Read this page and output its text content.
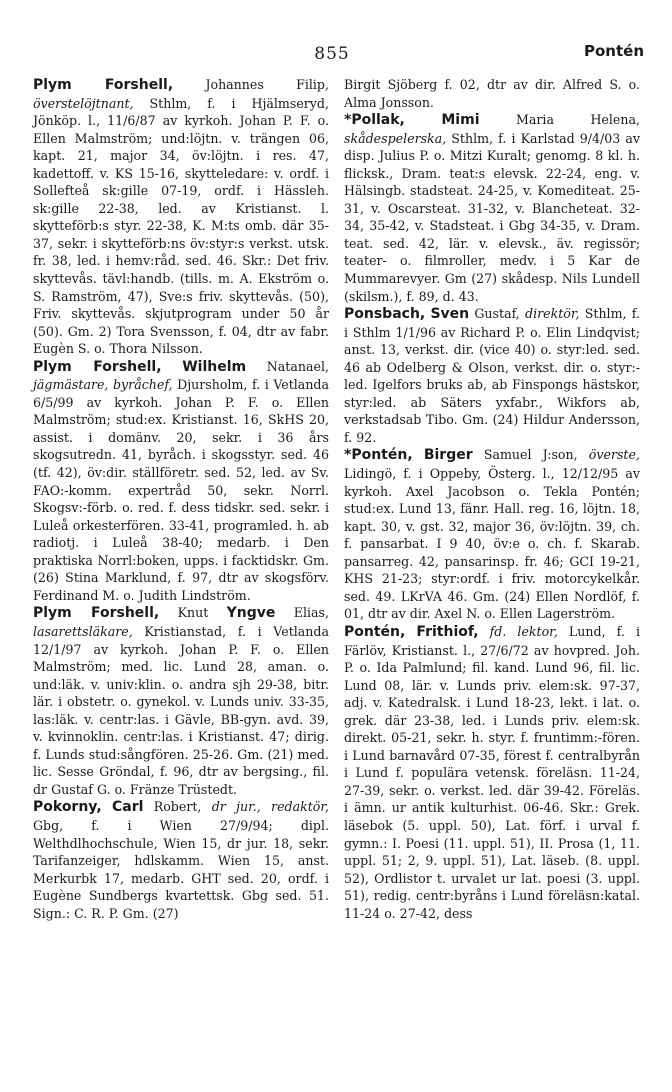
855	Pontén

Plym Forshell,	Johannes Filip, överstelöjtnant, Sthlm, f. i Hjälmseryd, Jönköp. l., 11/6/87 av kyrkoh. Johan P. F. o. Ellen Malmström; und:löjtn. v. trängen 06, kapt. 21, major 34, öv:löjtn. i res. 47, kadettoff. v. KS 15-16, skytteledare: v. ordf. i Sollefteå sk:gille 07-19, ordf. i Hässleh. sk:gille 22-38, led. av Kristianst. l. skytteförb:s styr. 22-38, K. M:ts omb. där 35-37, sekr. i skytteförb:ns öv:styr:s verkst. utsk. fr. 38, led. i hemv:råd. sed. 46. Skr.: Det friv. skyttevås. tävl:handb. (tills. m. A. Ekström o. S. Ramström, 47), Sve:s friv. skyttevås. (50), Friv. skyttevås. skjutprogram under 50 år (50). Gm. 2) Tora Svensson, f. 04, dtr av fabr. Eugèn S. o. Thora Nilsson.

Plym Forshell, Wilhelm Natanael, jägmästare, byråchef, Djursholm, f. i Vetlanda 6/5/99 av kyrkoh. Johan P. F. o. Ellen Malmström; stud:ex. Kristianst. 16, SkHS 20, assist. i domänv. 20, sekr. i 36 års skogsutredn. 41, byråch. i skogsstyr. sed. 46 (tf. 42), öv:dir. ställföretr. sed. 52, led. av Sv. FAO:-komm. expertråd 50, sekr. Norrl. Skogsv:-förb. o. red. f. dess tidskr. sed. sekr. i Luleå orkesterfören. 33-41, programled. h. ab radiotj. i Luleå 38-40; medarb. i Den praktiska Norrl:boken, upps. i facktidskr. Gm. (26) Stina Marklund, f. 97, dtr av skogsförv. Ferdinand M. o. Judith Lindström.

Plym Forshell, Knut Yngve Elias, lasarettsläkare, Kristianstad, f. i Vetlanda 12/1/97 av kyrkoh. Johan P. F. o. Ellen Malmström; med. lic. Lund 28, aman. o. und:läk. v. univ:klin. o. andra sjh 29-38, bitr. lär. i obstetr. o. gynekol. v. Lunds univ. 33-35, las:läk. v. centr:las. i Gävle, BB-gyn. avd. 39, v. kvinnoklin. centr:las. i Kristianst. 47; dirig. f. Lunds stud:sångfören. 25-26. Gm. (21) med. lic. Sesse Gröndal, f. 96, dtr av bergsing., fil. dr Gustaf G. o. Fränze Trüstedt.

Pokorny, Carl Robert, dr jur., redaktör, Gbg, f. i Wien 27/9/94; dipl. Welthdlhochschule, Wien 15, dr jur. 18, sekr. Tarifanzeiger, hdlskamm. Wien 15, anst. Merkurbk 17, medarb. GHT sed. 20, ordf. i Eugène Sundbergs kvartettsk. Gbg sed. 51. Sign.: C. R. P. Gm. (27)

Birgit Sjöberg f. 02, dtr av dir. Alfred S. o. Alma Jonsson.

*Pollak,	Mimi	Maria Helena, skådespelerska, Sthlm, f. i Karlstad 9/4/03 av disp. Julius P. o. Mitzi Kuralt; genomg. 8 kl. h. flicksk., Dram. teat:s elevsk. 22-24, eng. v. Hälsingb. stadsteat. 24-25, v. Komediteat. 25-31, v. Oscarsteat. 31-32, v. Blancheteat. 32-34, 35-42, v. Stadsteat. i Gbg 34-35, v. Dram. teat. sed. 42, lär. v. elevsk., äv. regissör; teater- o. filmroller, medv. i 5 Kar de Mummarevyer. Gm (27) skådesp. Nils Lundell (skilsm.), f. 89, d. 43.

Ponsbach, Sven Gustaf, direktör, Sthlm, f. i Sthlm 1/1/96 av Richard P. o. Elin Lindqvist; anst. 13, verkst. dir. (vice 40) o. styr:led. sed. 46 ab Odelberg & Olson, verkst. dir. o. styr:-led. Igelfors bruks ab, ab Finspongs hästskor, styr:led. ab Säters yxfabr., Wikfors ab, verkstadsab Tibo. Gm. (24) Hildur Andersson, f. 92.

*Pontén, Birger Samuel J:son, överste, Lidingö, f. i Oppeby, Österg. l., 12/12/95 av kyrkoh. Axel Jacobson o. Tekla Pontén; stud:ex. Lund 13, fänr. Hall. reg. 16, löjtn. 18, kapt. 30, v. gst. 32, major 36, öv:löjtn. 39, ch. f. pansarbat. I 9 40, öv:e o. ch. f. Skarab. pansarreg. 42, pansarinsp. fr. 46; GCI 19-21, KHS 21-23; styr:ordf. i friv. motorcykelkår. sed. 49. LKrVA 46. Gm. (24) Ellen Nordlöf, f. 01, dtr av dir. Axel N. o. Ellen Lagerström.

Pontén, Frithiof, fd. lektor, Lund, f. i Färlöv, Kristianst. l., 27/6/72 av hovpred. Joh. P. o. Ida Palmlund; fil. kand. Lund 96, fil. lic. Lund 08, lär. v. Lunds priv. elem:sk. 97-37, adj. v. Katedralsk. i Lund 18-23, lekt. i lat. o. grek. där 23-38, led. i Lunds priv. elem:sk. direkt. 05-21, sekr. h. styr. f. fruntimm:-fören. i Lund barnavård 07-35, förest f. centralbyrån i Lund f. populära vetensk. föreläsn. 11-24, 27-39, sekr. o. verkst. led. där 39-42. Föreläs. i ämn. ur antik kulturhist. 06-46. Skr.: Grek. läsebok (5. uppl. 50), Lat. förf. i urval f. gymn.: I. Poesi (11. uppl. 51), II. Prosa (1, 11. uppl. 51; 2, 9. uppl. 51), Lat. läseb. (8. uppl. 52), Ordlistor t. urvalet ur lat. poesi (3. uppl. 51), redig. centr:byråns i Lund föreläsn:katal. 11-24 o. 27-42, dess
